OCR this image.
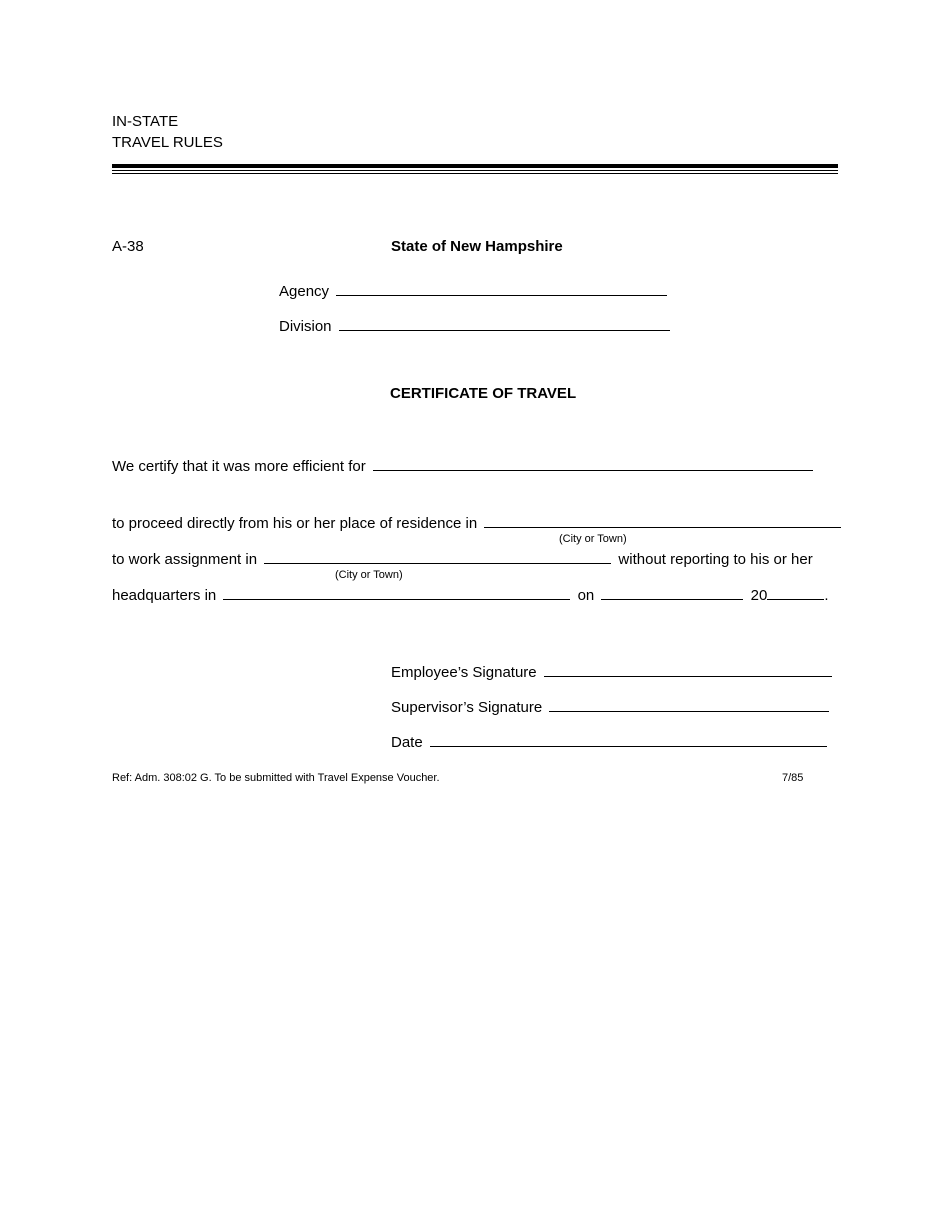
IN-STATE
TRAVEL RULES
A-38	State of New Hampshire
Agency
Division
CERTIFICATE OF TRAVEL
We certify that it was more efficient for
to proceed directly from his or her place of residence in
(City or Town)
to work assignment in	without reporting to his or her
(City or Town)
headquarters in	on	20	.
Employee’s Signature
Supervisor’s Signature
Date
Ref: Adm. 308:02 G. To be submitted with Travel Expense Voucher.	7/85
